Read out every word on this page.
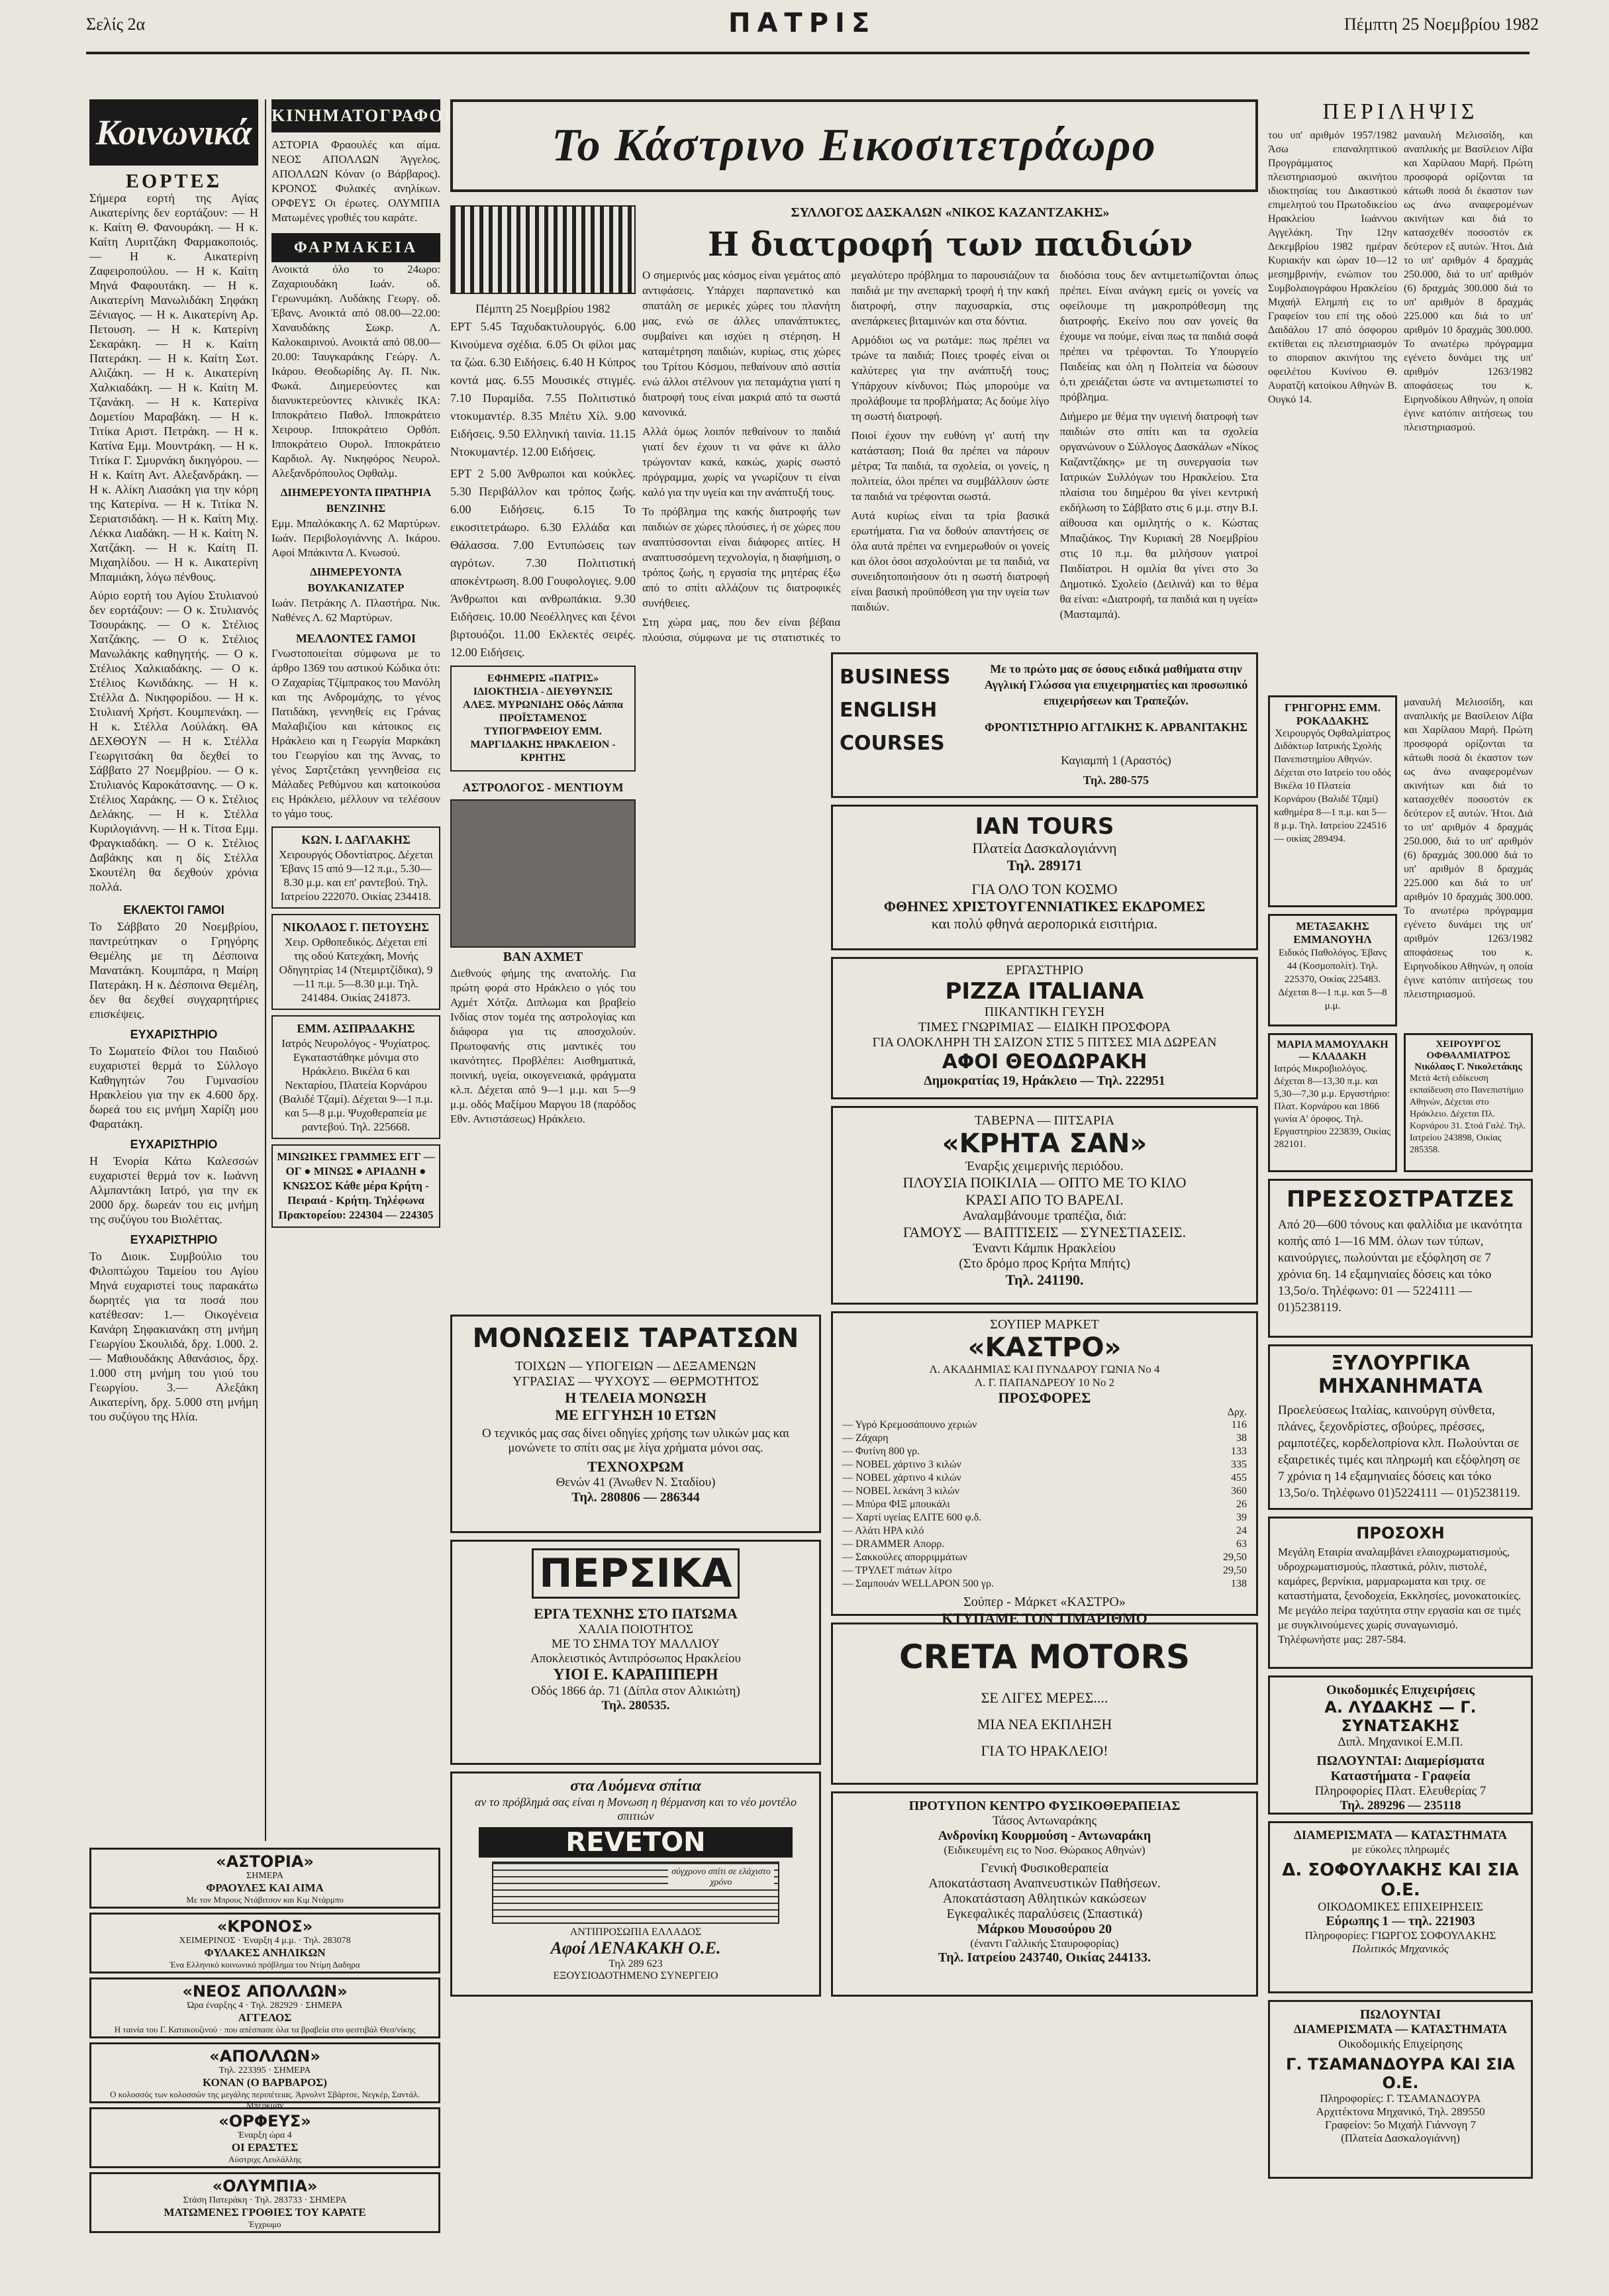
Σελίς 2α	ΠΑΤΡΙΣ	Πέμπτη 25 Νοεμβρίου 1982
Κοινωνικά
ΕΟΡΤΕΣ

Σήμερα εορτή της Αγίας Αικατερίνης δεν εορτάζουν: — Η κ. Καίτη Θ. Φανουράκη. — Η κ. Καίτη Λυριτζάκη Φαρμακοποιός. — Η κ. Αικατερίνη Ζαφειροπούλου. — Η κ. Καίτη Μηνά Φαφουτάκη. — Η κ. Αικατερίνη Μανωλιδάκη Σηφάκη Ξένιαγος. — Η κ. Αικατερίνη Αρ. Πετουση. — Η κ. Κατερίνη Σεκαράκη. — Η κ. Καίτη Πατεράκη. — Η κ. Καίτη Σωτ. Αλιζάκη. — Η κ. Αικατερίνη Χαλκιαδάκη. — Η κ. Καίτη Μ. Τζανάκη. — Η κ. Κατερίνα Δομετίου Μαραβάκη. — Η κ. Τιτίκα Αριστ. Πετράκη. — Η κ. Κατίνα Εμμ. Μουντράκη. — Η κ. Τιτίκα Γ. Σμυρνάκη δικηγόρου. — Η κ. Καίτη Αντ. Αλεξανδράκη. — Η κ. Αλίκη Λιασάκη για την κόρη της Κατερίνα. — Η κ. Τιτίκα Ν. Σεριατσιδάκη. — Η κ. Καίτη Μιχ. Λέκκα Λιαδάκη. — Η κ. Καίτη Ν. Χατζάκη. — Η κ. Καίτη Π. Μιχαηλίδου. — Η κ. Αικατερίνη Μπαμιάκη, λόγω πένθους.

Αύριο εορτή του Αγίου Στυλιανού δεν εορτάζουν: — Ο κ. Στυλιανός Τσουράκης. — Ο κ. Στέλιος Χατζάκης. — Ο κ. Στέλιος Μανωλάκης καθηγητής. — Ο κ. Στέλιος Χαλκιαδάκης. — Ο κ. Στέλιος Κωνιδάκης. — Η κ. Στέλλα Δ. Νικηφορίδου. — Η κ. Στυλιανή Χρήστ. Κουμπενάκη. — Η κ. Στέλλα Λούλάκη. ΘΑ ΔΕΧΘΟΥΝ — Η κ. Στέλλα Γεωργιτσάκη θα δεχθεί το Σάββατο 27 Νοεμβρίου. — Ο κ. Στυλιανός Καροκάτσανης. — Ο κ. Στέλιος Χαράκης. — Ο κ. Στέλιος Δελάκης. — Η κ. Στέλλα Κυριλογιάννη. — Η κ. Τίτσα Εμμ. Φραγκιαδάκη. — Ο κ. Στέλιος Δαβάκης και η δίς Στέλλα Σκουτέλη θα δεχθούν χρόνια πολλά.

ΕΚΛΕΚΤΟΙ ΓΑΜΟΙ

Το Σάββατο 20 Νοεμβρίου, παντρεύτηκαν ο Γρηγόρης Θεμέλης με τη Δέσποινα Μανατάκη. Κουμπάρα, η Μαίρη Πατεράκη. Η κ. Δέσποινα Θεμέλη, δεν θα δεχθεί συγχαρητήριες επισκέψεις.

ΕΥΧΑΡΙΣΤΗΡΙΟ

Το Σωματείο Φίλοι του Παιδιού ευχαριστεί θερμά το Σύλλογο Καθηγητών 7ου Γυμνασίου Ηρακλείου για την εκ 4.600 δρχ. δωρεά του εις μνήμη Χαρίζη μου Φαρατάκη.

ΕΥΧΑΡΙΣΤΗΡΙΟ

Η Ένορία Κάτω Καλεσσών ευχαριστεί θερμά τον κ. Ιωάννη Αλμπαντάκη Ιατρό, για την εκ 2000 δρχ. δωρεάν του εις μνήμη της συζύγου του Βιολέττας.

ΕΥΧΑΡΙΣΤΗΡΙΟ

Το Διοικ. Συμβούλιο του Φιλοπτώχου Ταμείου του Αγίου Μηνά ευχαριστεί τους παρακάτω δωρητές για τα ποσά που κατέθεσαν: 1.— Οικογένεια Κανάρη Σηφακιανάκη στη μνήμη Γεωργίου Σκουλιδά, δρχ. 1.000. 2.— Μαθιουδάκης Αθανάσιος, δρχ. 1.000 στη μνήμη του γιού του Γεωργίου. 3.— Αλεξάκη Αικατερίνη, δρχ. 5.000 στη μνήμη του συζύγου της Ηλία.

ΚΙΝΗΜΑΤΟΓΡΑΦΟΙ

ΑΣΤΟΡΙΑ Φραουλές και αίμα. ΝΕΟΣ ΑΠΟΛΛΩΝ Άγγελος. ΑΠΟΛΛΩΝ Κόναν (ο Βάρβαρος). ΚΡΟΝΟΣ Φυλακές ανηλίκων. ΟΡΦΕΥΣ Οι έρωτες. ΟΛΥΜΠΙΑ Ματωμένες γροθιές του καράτε.

ΦΑΡΜΑΚΕΙΑ

Ανοικτά όλο το 24ωρο: Ζαχαριουδάκη Ιωάν. οδ. Γερωνυμάκη. Λυδάκης Γεωργ. οδ. Έβανς. Ανοικτά από 08.00—22.00: Χαναυδάκης Σωκρ. Λ. Καλοκαιρινού. Ανοικτά από 08.00—20.00: Ταυγκαράκης Γεώργ. Λ. Ικάρου. Θεοδωρίδης Αγ. Π. Νικ. Φωκά. Διημερεύοντες και διανυκτερεύοντες κλινικές ΙΚΑ: Ιπποκράτειο Παθολ. Ιπποκράτειο Χειρουρ. Ιπποκράτειο Ορθόπ. Ιπποκράτειο Ουρολ. Ιπποκράτειο Καρδιολ. Αγ. Νικηφόρος Νευρολ. Αλεξανδρόπουλος Οφθαλμ.

ΔΙΗΜΕΡΕΥΟΝΤΑ ΠΡΑΤΗΡΙΑ ΒΕΝΖΙΝΗΣ

Εμμ. Μπαλόκακης Λ. 62 Μαρτύρων. Ιωάν. Περιβολογιάννης Λ. Ικάρου. Αφοί Μπάκιντα Λ. Κνωσού.

ΔΙΗΜΕΡΕΥΟΝΤΑ ΒΟΥΛΚΑΝΙΖΑΤΕΡ

Ιωάν. Πετράκης Λ. Πλαστήρα. Νικ. Ναθένες Λ. 62 Μαρτύρων.

ΜΕΛΛΟΝΤΕΣ ΓΑΜΟΙ

Γνωστοποιείται σύμφωνα με το άρθρο 1369 του αστικού Κώδικα ότι: Ο Ζαχαρίας Τζίμπρακος του Μανόλη και της Ανδρομάχης, το γένος Πατιδάκη, γεννηθείς εις Γράνας Μαλαβιζίου και κάτοικος εις Ηράκλειο και η Γεωργία Μαρκάκη του Γεωργίου και της Άννας, το γένος Σαρτζετάκη γεννηθείσα εις Μάλαδες Ρεθύμνου και κατοικούσα εις Ηράκλειο, μέλλουν να τελέσουν το γάμο τους.

ΚΩΝ. Ι. ΔΑΓΛΑΚΗΣ
Χειρουργός Οδοντίατρος. Δέχεται Έβανς 15 από 9—12 π.μ., 5.30—8.30 μ.μ. και επ' ραντεβού. Τηλ. Ιατρείου 222070. Οικίας 234418.
ΝΙΚΟΛΑΟΣ Γ. ΠΕΤΟΥΣΗΣ
Χειρ. Ορθοπεδικός. Δέχεται επί της οδού Κατεχάκη, Μονής Οδηγητρίας 14 (Ντεμιρτζίδικα), 9—11 π.μ. 5—8.30 μ.μ. Τηλ. 241484. Οικίας 241873.
ΕΜΜ. ΑΣΠΡΑΔΑΚΗΣ
Ιατρός Νευρολόγος - Ψυχίατρος. Εγκαταστάθηκε μόνιμα στο Ηράκλειο. Βικέλα 6 και Νεκταρίου, Πλατεία Κορνάρου (Βαλιδέ Τζαμί). Δέχεται 9—1 π.μ. και 5—8 μ.μ. Ψυχοθεραπεία με ραντεβού. Τηλ. 225668.
ΜΙΝΩΙΚΕΣ ΓΡΑΜΜΕΣ ΕΓΓ — ΟΓ ● ΜΙΝΩΣ ● ΑΡΙΑΔΝΗ ● ΚΝΩΣΟΣ Κάθε μέρα Κρήτη - Πειραιά - Κρήτη. Τηλέφωνα Πρακτορείου: 224304 — 224305
Το Κάστρινο Εικοσιτετράωρο
Πέμπτη 25 Νοεμβρίου 1982

ΕΡΤ 5.45 Ταχυδακτυλουργός. 6.00 Κινούμενα σχέδια. 6.05 Οι φίλοι μας τα ζώα. 6.30 Ειδήσεις. 6.40 Η Κύπρος κοντά μας. 6.55 Μουσικές στιγμές. 7.10 Πυραμίδα. 7.55 Πολιτιστικό ντοκυμαντέρ. 8.35 Μπέτυ Χίλ. 9.00 Ειδήσεις. 9.50 Ελληνική ταινία. 11.15 Ντοκυμαντέρ. 12.00 Ειδήσεις.

ΕΡΤ 2 5.00 Άνθρωποι και κούκλες. 5.30 Περιβάλλον και τρόπος ζωής. 6.00 Ειδήσεις. 6.15 Το εικοσιτετράωρο. 6.30 Ελλάδα και Θάλασσα. 7.00 Εντυπώσεις των αγρότων. 7.30 Πολιτιστική αποκέντρωση. 8.00 Γουφολογιες. 9.00 Άνθρωποι και ανθρωπάκια. 9.30 Ειδήσεις. 10.00 Νεοέλληνες και ξένοι βιρτουόζοι. 11.00 Εκλεκτές σειρές. 12.00 Ειδήσεις.

ΕΦΗΜΕΡΙΣ «ΠΑΤΡΙΣ» ΙΔΙΟΚΤΗΣΙΑ - ΔΙΕΥΘΥΝΣΙΣ ΑΛΕΞ. ΜΥΡΩΝΙΔΗΣ Οδός Λάππα ΠΡΟΪΣΤΑΜΕΝΟΣ ΤΥΠΟΓΡΑΦΕΙΟΥ ΕΜΜ. ΜΑΡΓΙΔΑΚΗΣ ΗΡΑΚΛΕΙΟΝ - ΚΡΗΤΗΣ
ΑΣΤΡΟΛΟΓΟΣ - ΜΕΝΤΙΟΥΜ
ΒΑΝ ΑΧΜΕΤ

Διεθνούς φήμης της ανατολής. Για πρώτη φορά στο Ηράκλειο ο γιός του Αχμέτ Χότζα. Διπλωμα και βραβείο Ινδίας στον τομέα της αστρολογίας και διάφορα για τις αποσχολούν. Πρωτοφανής στις μαντικές του ικανότητες. Προβλέπει: Αισθηματικά, ποινική, υγεία, οικογενειακά, φράγματα κλ.π. Δέχεται από 9—1 μ.μ. και 5—9 μ.μ. οδός Μαξίμου Μαργου 18 (παρόδος Εθν. Αντιστάσεως) Ηράκλειο.

ΣΥΛΛΟΓΟΣ ΔΑΣΚΑΛΩΝ «ΝΙΚΟΣ ΚΑΖΑΝΤΖΑΚΗΣ»
Η διατροφή των παιδιών

Ο σημερινός μας κόσμος είναι γεμάτος από αντιφάσεις. Υπάρχει παρπανετικό και σπατάλη σε μερικές χώρες του πλανήτη μας, ενώ σε άλλες υπανάπτυκτες, συμβαίνει και ισχύει η στέρηση. Η καταμέτρηση παιδιών, κυρίως, στις χώρες του Τρίτου Κόσμου, πεθαίνουν από ασιτία ενώ άλλοι στέλνουν για πεταμάχτια γιατί η διατροφή τους είναι μακριά από τα σωστά κανονικά.

Αλλά όμως λοιπόν πεθαίνουν το παιδιά γιατί δεν έχουν τι να φάνε κι άλλο τρώγονταν κακά, κακώς, χωρίς σωστό πρόγραμμα, χωρίς να γνωρίζουν τι είναι καλό για την υγεία και την ανάπτυξή τους.

Το πρόβλημα της κακής διατροφής των παιδιών σε χώρες πλούσιες, ή σε χώρες που αναπτύσσονται είναι διάφορες αιτίες. Η αναπτυσσόμενη τεχνολογία, η διαφήμιση, ο τρόπος ζωής, η εργασία της μητέρας έξω από το σπίτι αλλάζουν τις διατροφικές συνήθειες.

Στη χώρα μας, που δεν είναι βέβαια πλούσια, σύμφωνα με τις στατιστικές το μεγαλύτερο πρόβλημα το παρουσιάζουν τα παιδιά με την ανεπαρκή τροφή ή την κακή διατροφή, στην παχυσαρκία, στις ανεπάρκειες βιταμινών και στα δόντια.

Αρμόδιοι ως να ρωτάμε: πως πρέπει να τρώνε τα παιδιά; Ποιες τροφές είναι οι καλύτερες για την ανάπτυξή τους; Υπάρχουν κίνδυνοι; Πώς μπορούμε να προλάβουμε τα προβλήματα; Ας δούμε λίγο τη σωστή διατροφή.

Ποιοί έχουν την ευθύνη γι' αυτή την κατάσταση; Ποιά θα πρέπει να πάρουν μέτρα; Τα παιδιά, τα σχολεία, οι γονείς, η πολιτεία, όλοι πρέπει να συμβάλλουν ώστε τα παιδιά να τρέφονται σωστά.

Αυτά κυρίως είναι τα τρία βασικά ερωτήματα. Για να δοθούν απαντήσεις σε όλα αυτά πρέπει να ενημερωθούν οι γονείς και όλοι όσοι ασχολούνται με τα παιδιά, να συνειδητοποιήσουν ότι η σωστή διατροφή είναι βασική προϋπόθεση για την υγεία των παιδιών.

διοδόσια τους δεν αντιμετωπίζονται όπως πρέπει. Είναι ανάγκη εμείς οι γονείς να οφείλουμε τη μακροπρόθεσμη της διατροφής. Εκείνο που σαν γονείς θα έχουμε να πούμε, είναι πως τα παιδιά σοφά πρέπει να τρέφονται. Το Υπουργείο Παιδείας και όλη η Πολιτεία να δώσουν ό,τι χρειάζεται ώστε να αντιμετωπιστεί το πρόβλημα.

Διήμερο με θέμα την υγιεινή διατροφή των παιδιών στο σπίτι και τα σχολεία οργανώνουν ο Σύλλογος Δασκάλων «Νίκος Καζαντζάκης» με τη συνεργασία των Ιατρικών Συλλόγων του Ηρακλείου. Στα πλαίσια του διημέρου θα γίνει κεντρική εκδήλωση το Σάββατο στις 6 μ.μ. στην Β.Ι. αίθουσα και ομιλητής ο κ. Κώστας Μπαζιάκος. Την Κυριακή 28 Νοεμβρίου στις 10 π.μ. θα μιλήσουν γιατροί Παιδίατροι. Η ομιλία θα γίνει στο 3ο Δημοτικό. Σχολείο (Δειλινά) και το θέμα θα είναι: «Διατροφή, τα παιδιά και η υγεία» (Μασταμπά).

BUSINESS ENGLISH COURSES
Με το πρώτο μας σε όσους ειδικά μαθήματα στην Αγγλική Γλώσσα για επιχειρηματίες και προσωπικό επιχειρήσεων και Τραπεζών.
ΦΡΟΝΤΙΣΤΗΡΙΟ ΑΓΓΛΙΚΗΣ Κ. ΑΡΒΑΝΙΤΑΚΗΣ
Καγιαμπή 1 (Αραστός)
Τηλ. 280-575
IAN TOURS
Πλατεία Δασκαλογιάννη
Τηλ. 289171
ΓΙΑ ΟΛΟ ΤΟΝ ΚΟΣΜΟ
ΦΘΗΝΕΣ ΧΡΙΣΤΟΥΓΕΝΝΙΑΤΙΚΕΣ ΕΚΔΡΟΜΕΣ
και πολύ φθηνά αεροπορικά εισιτήρια.
ΕΡΓΑΣΤΗΡΙΟ
PIZZA ITALIANA
ΠΙΚΑΝΤΙΚΗ ΓΕΥΣΗ
ΤΙΜΕΣ ΓΝΩΡΙΜΙΑΣ — ΕΙΔΙΚΗ ΠΡΟΣΦΟΡΑ
ΓΙΑ ΟΛΟΚΛΗΡΗ ΤΗ ΣΑΙΖΟΝ ΣΤΙΣ 5 ΠΙΤΣΕΣ ΜΙΑ ΔΩΡΕΑΝ
ΑΦΟΙ ΘΕΟΔΩΡΑΚΗ
Δημοκρατίας 19, Ηράκλειο — Τηλ. 222951
ΤΑΒΕΡΝΑ — ΠΙΤΣΑΡΙΑ
«ΚΡΗΤΑ ΣΑΝ»
Έναρξις χειμερινής περιόδου.
ΠΛΟΥΣΙΑ ΠΟΙΚΙΛΙΑ — ΟΠΤΟ ΜΕ ΤΟ ΚΙΛΟ
ΚΡΑΣΙ ΑΠΟ ΤΟ ΒΑΡΕΛΙ.
Αναλαμβάνουμε τραπέζια, διά:
ΓΑΜΟΥΣ — ΒΑΠΤΙΣΕΙΣ — ΣΥΝΕΣΤΙΑΣΕΙΣ.
Έναντι Κάμπικ Ηρακλείου
(Στο δρόμο προς Κρήτα Μπήτς)
Τηλ. 241190.
ΣΟΥΠΕΡ ΜΑΡΚΕΤ
«ΚΑΣΤΡΟ»
Λ. ΑΚΑΔΗΜΙΑΣ ΚΑΙ ΠΥΝΔΑΡΟΥ ΓΩΝΙΑ Νο 4
Λ. Γ. ΠΑΠΑΝΔΡΕΟΥ 10 Νο 2
ΠΡΟΣΦΟΡΕΣ
Δρχ.
— Υγρό Κρεμοσάπουνο χεριών	116
— Ζάχαρη	38
— Φυτίνη 800 γρ.	133
— NOBEL χάρτινο 3 κιλών	335
— NOBEL χάρτινο 4 κιλών	455
— NOBEL λεκάνη 3 κιλών	360
— Μπύρα ΦΙΞ μπουκάλι	26
— Χαρτί υγείας ΕΛΙΤΕ 600 φ.δ.	39
— Αλάτι ΗΡΑ κιλό	24
— DRAMMER Απορρ.	63
— Σακκούλες απορριμμάτων	29,50
— ΤΡΥΛΕΤ πιάτων λίτρο	29,50
— Σαμπουάν WELLAPON 500 γρ.	138
Σούπερ - Μάρκετ «ΚΑΣΤΡΟ»
ΚΤΥΠΑΜΕ ΤΟΝ ΤΙΜΑΡΙΘΜΟ
CRETA MOTORS
ΣΕ ΛΙΓΕΣ ΜΕΡΕΣ....
ΜΙΑ ΝΕΑ ΕΚΠΛΗΞΗ
ΓΙΑ ΤΟ ΗΡΑΚΛΕΙΟ!
ΠΡΟΤΥΠΟΝ ΚΕΝΤΡΟ ΦΥΣΙΚΟΘΕΡΑΠΕΙΑΣ
Τάσος Αντωναράκης
Ανδρονίκη Κουρμούση - Αντωναράκη
(Ειδικευμένη εις το Νοσ. Θώρακος Αθηνών)
Γενική Φυσικοθεραπεία
Αποκατάσταση Αναπνευστικών Παθήσεων.
Αποκατάσταση Αθλητικών κακώσεων
Εγκεφαλικές παραλύσεις (Σπαστικά)
Μάρκου Μουσούρου 20
(έναντι Γαλλικής Σταυροφορίας)
Τηλ. Ιατρείου 243740, Οικίας 244133.
ΜΟΝΩΣΕΙΣ ΤΑΡΑΤΣΩΝ
ΤΟΙΧΩΝ — ΥΠΟΓΕΙΩΝ — ΔΕΞΑΜΕΝΩΝ
ΥΓΡΑΣΙΑΣ — ΨΥΧΟΥΣ — ΘΕΡΜΟΤΗΤΟΣ
Η ΤΕΛΕΙΑ ΜΟΝΩΣΗ
ΜΕ ΕΓΓΥΗΣΗ 10 ΕΤΩΝ
Ο τεχνικός μας σας δίνει οδηγίες χρήσης των υλικών μας και μονώνετε το σπίτι σας με λίγα χρήματα μόνοι σας.
ΤΕΧΝΟΧΡΩΜ
Θενών 41 (Άνωθεν Ν. Σταδίου)
Τηλ. 280806 — 286344
ΠΕΡΣΙΚΑ
ΕΡΓΑ ΤΕΧΝΗΣ ΣΤΟ ΠΑΤΩΜΑ
ΧΑΛΙΑ ΠΟΙΟΤΗΤΟΣ
ΜΕ ΤΟ ΣΗΜΑ ΤΟΥ ΜΑΛΛΙΟΥ
Αποκλειστικός Αντιπρόσωπος Ηρακλείου
ΥΙΟΙ Ε. ΚΑΡΑΠΙΠΕΡΗ
Οδός 1866 άρ. 71 (Δίπλα στον Αλικιώτη)
Τηλ. 280535.
στα Λυόμενα σπίτια
αν το πρόβλημά σας είναι η Μονωση η θέρμανση και το νέο μοντέλο σπιτιών
REVETON
σύγχρονο σπίτι σε ελάχιστο χρόνο
ΑΝΤΙΠΡΟΣΩΠΙΑ ΕΛΛΑΔΟΣ
Αφοί ΛΕΝΑΚΑΚΗ Ο.Ε.
Τηλ 289 623
ΕΞΟΥΣΙΟΔΟΤΗΜΕΝΟ ΣΥΝΕΡΓΕΙΟ
«ΑΣΤΟΡΙΑ»
ΣΗΜΕΡΑ
ΦΡΑΟΥΛΕΣ ΚΑΙ ΑΙΜΑ
Με τον Μπρους Ντάβιτσον και Κιμ Ντάρμπυ
«ΚΡΟΝΟΣ»
ΧΕΙΜΕΡΙΝΟΣ · Έναρξη 4 μ.μ. · Τηλ. 283078
ΦΥΛΑΚΕΣ ΑΝΗΛΙΚΩΝ
Ένα Ελληνικό κοινωνικό πρόβλημα του Ντίμη Δαδηρα
«ΝΕΟΣ ΑΠΟΛΛΩΝ»
Ώρα έναρξης 4 · Τηλ. 282929 · ΣΗΜΕΡΑ
ΑΓΓΕΛΟΣ
Η ταινία του Γ. Κατακουζινού · που απέσπασε όλα τα βραβεία στο φεστιβάλ Θεσ/νίκης
«ΑΠΟΛΛΩΝ»
Τηλ. 223395 · ΣΗΜΕΡΑ
ΚΟΝΑΝ (Ο ΒΑΡΒΑΡΟΣ)
Ο κολοσσός των κολοσσών της μεγάλης περιπέτειας. Άρνολντ Σβάρτσε, Νεγκέρ, Σαντάλ. Μπέρκμαν
«ΟΡΦΕΥΣ»
Έναρξη ώρα 4
ΟΙ ΕΡΑΣΤΕΣ
Αύστριχς Λευλάλλης
«ΟΛΥΜΠΙΑ»
Στάση Πατεράκη · Τηλ. 283733 · ΣΗΜΕΡΑ
ΜΑΤΩΜΕΝΕΣ ΓΡΟΘΙΕΣ ΤΟΥ ΚΑΡΑΤΕ
Έγχρωμο
ΠΕΡΙΛΗΨΙΣ
του υπ' αριθμόν 1957/1982 Άσω επαναληπτικού Προγράμματος πλειστηριασμού ακινήτου ιδιοκτησίας του Δικαστικού επιμελητού του Πρωτοδικείου Ηρακλείου Ιωάννου Αγγελάκη. Την 12ην Δεκεμβρίου 1982 ημέραν Κυριακήν και ώραν 10—12 μεσημβρινήν, ενώπιον του Συμβολαιογράφου Ηρακλείου Μιχαήλ Ελημπή εις το Γραφείον του επί της οδού Δαιδάλου 17 από όσφορου εκτίθεται εις πλειστηριασμόν το σποραιον ακινήτου της οφειλέτου Κυνίνου Θ. Αυρατζή κατοίκου Αθηνών Β. Ουγκό 14.
μαναυλή Μελισσίδη, και αναπλικής με Βασίλειον Λίβα και Χαρίλαου Μαρή. Πρώτη προσφορά ορίζονται τα κάτωθι ποσά δι έκαστον των ως άνω αναφερομένων ακινήτων και διά το κατασχεθέν ποσοστόν εκ δεύτερον εξ αυτών. Ήτοι. Διά το υπ' αριθμόν 4 δραχμάς 250.000, διά το υπ' αριθμόν (6) δραχμάς 300.000 διά το υπ' αριθμόν 8 δραχμάς 225.000 και διά το υπ' αριθμόν 10 δραχμάς 300.000. Το ανωτέρω πρόγραμμα εγένετο δυνάμει της υπ' αριθμόν 1263/1982 αποφάσεως του κ. Ειρηνοδίκου Αθηνών, η οποία έγινε κατόπιν αιτήσεως του πλειστηριασμού.
ΓΡΗΓΟΡΗΣ ΕΜΜ. ΡΟΚΑΔΑΚΗΣ
Χειρουργός Οφθαλμίατρος
Διδάκτωρ Ιατρικής Σχολής Πανεπιστημίου Αθηνών. Δέχεται στο Ιατρείο του οδός Βικέλα 10 Πλατεία Κορνάρου (Βαλιδέ Τζαμί) καθημέρα 8—1 π.μ. και 5—8 μ.μ. Τηλ. Ιατρείου 224516 — οικίας 289494.
ΜΕΤΑΞΑΚΗΣ ΕΜΜΑΝΟΥΗΛ
Ειδικός Παθολόγος. Έβανς 44 (Κοσμοπολίτ). Τηλ. 225370, Οικίας 225483. Δέχεται 8—1 π.μ. και 5—8 μ.μ.
ΜΑΡΙΑ ΜΑΜΟΥΛΑΚΗ — ΚΛΑΔΑΚΗ
Ιατρός Μικροβιολόγος. Δέχεται 8—13,30 π.μ. και 5,30—7,30 μ.μ. Εργαστήριο: Πλατ. Κορνάρου και 1866 γωνία Α' όροφος. Τηλ. Εργαστηρίου 223839, Οικίας 282101.
ΧΕΙΡΟΥΡΓΟΣ ΟΦΘΑΛΜΙΑΤΡΟΣ Νικόλαος Γ. Νικολετάκης
Μετά 4ετή ειδίκευση εκπαίδευση στο Πανεπιστήμιο Αθηνών, Δέχεται στο Ηράκλειο. Δέχεται Πλ. Κορνάρου 31. Στοά Γαλέ. Τηλ. Ιατρείου 243898, Οικίας 285358.
μαναυλή Μελισσίδη, και αναπλικής με Βασίλειον Λίβα και Χαρίλαου Μαρή. Πρώτη προσφορά ορίζονται τα κάτωθι ποσά δι έκαστον των ως άνω αναφερομένων ακινήτων και διά το κατασχεθέν ποσοστόν εκ δεύτερον εξ αυτών. Ήτοι. Διά το υπ' αριθμόν 4 δραχμάς 250.000, διά το υπ' αριθμόν (6) δραχμάς 300.000 διά το υπ' αριθμόν 8 δραχμάς 225.000 και διά το υπ' αριθμόν 10 δραχμάς 300.000. Το ανωτέρω πρόγραμμα εγένετο δυνάμει της υπ' αριθμόν 1263/1982 αποφάσεως του κ. Ειρηνοδίκου Αθηνών, η οποία έγινε κατόπιν αιτήσεως του πλειστηριασμού.
ΠΡΕΣΣΟΣΤΡΑΤΖΕΣ
Από 20—600 τόνους και φαλλίδια με ικανότητα κοπής από 1—16 ΜΜ. όλων των τύπων, καινούργιες, πωλούνται με εξόφληση σε 7 χρόνια 6η. 14 εξαμηνιαίες δόσεις και τόκο 13,5ο/ο. Τηλέφωνο: 01 — 5224111 — 01)5238119.
ΞΥΛΟΥΡΓΙΚΑ ΜΗΧΑΝΗΜΑΤΑ
Προελεύσεως Ιταλίας, καινούργη σύνθετα, πλάνες, ξεχονδρίστες, σβούρες, πρέσσες, ραμποτέζες, κορδελοπρίονα κλπ. Πωλούνται σε εξαιρετικές τιμές και πληρωμή και εξόφληση σε 7 χρόνια η 14 εξαμηνιαίες δόσεις και τόκο 13,5ο/ο. Τηλέφωνο 01)5224111 — 01)5238119.
ΠΡΟΣΟΧΗ
Μεγάλη Εταιρία αναλαμβάνει ελαιοχρωματισμούς, υδροχρωματισμούς, πλαστικά, ρόλιν, πιστολέ, καμάρες, βερνίκια, μαρμαρωματα και τριχ. σε καταστήματα, ξενοδοχεία, Εκκλησίες, μονοκατοικίες. Με μεγάλο πείρα ταχύτητα στην εργασία και σε τιμές με συγκλινούμενες χωρίς συναγωνισμό. Τηλέφωνήστε μας: 287-584.
Οικοδομικές Επιχειρήσεις
Α. ΛΥΔΑΚΗΣ — Γ. ΣΥΝΑΤΣΑΚΗΣ
Διπλ. Μηχανικοί Ε.Μ.Π.
ΠΩΛΟΥΝΤΑΙ: Διαμερίσματα
Καταστήματα - Γραφεία
Πληροφορίες Πλατ. Ελευθερίας 7
Τηλ. 289296 — 235118
ΔΙΑΜΕΡΙΣΜΑΤΑ — ΚΑΤΑΣΤΗΜΑΤΑ
με εύκολες πληρωμές
Δ. ΣΟΦΟΥΛΑΚΗΣ ΚΑΙ ΣΙΑ Ο.Ε.
ΟΙΚΟΔΟΜΙΚΕΣ ΕΠΙΧΕΙΡΗΣΕΙΣ
Εύρωπης 1 — τηλ. 221903
Πληροφορίες: ΓΙΩΡΓΟΣ ΣΟΦΟΥΛΑΚΗΣ
Πολιτικός Μηχανικός
ΠΩΛΟΥΝΤΑΙ
ΔΙΑΜΕΡΙΣΜΑΤΑ — ΚΑΤΑΣΤΗΜΑΤΑ
Οικοδομικής Επιχείρησης
Γ. ΤΣΑΜΑΝΔΟΥΡΑ ΚΑΙ ΣΙΑ Ο.Ε.
Πληροφορίες: Γ. ΤΣΑΜΑΝΔΟΥΡΑ
Αρχιτέκτονα Μηχανικό, Τηλ. 289550
Γραφείον: 5ο Μιχαήλ Γιάννογη 7
(Πλατεία Δασκαλογιάννη)
